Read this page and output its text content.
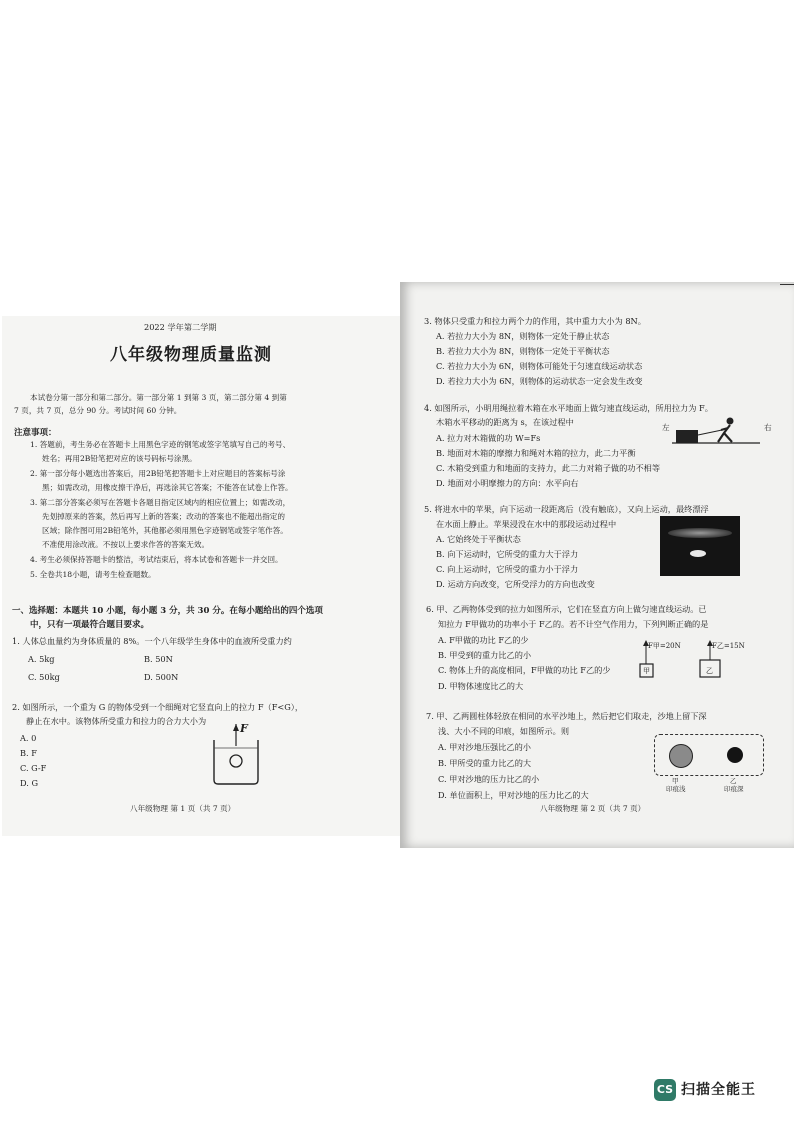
2022 学年第二学期
八年级物理质量监测
本试卷分第一部分和第二部分。第一部分第 1 到第 3 页，第二部分第 4 到第
7 页，共 7 页，总分 90 分。考试时间 60 分钟。
注意事项：
1. 答题前，考生务必在答题卡上用黑色字迹的钢笔或签字笔填写自己的考号、
姓名；再用2B铅笔把对应的该号码标号涂黑。
2. 第一部分每小题选出答案后，用2B铅笔把答题卡上对应题目的答案标号涂
黑；如需改动，用橡皮擦干净后，再选涂其它答案；不能答在试卷上作答。
3. 第二部分答案必须写在答题卡各题目指定区域内的相应位置上；如需改动，
先划掉原来的答案，然后再写上新的答案；改动的答案也不能超出指定的
区域；除作图可用2B铅笔外，其他都必须用黑色字迹钢笔或签字笔作答。
不准使用涂改液。不按以上要求作答的答案无效。
4. 考生必须保持答题卡的整洁，考试结束后，将本试卷和答题卡一并交回。
5. 全卷共18小题，请考生检查题数。
一、选择题：本题共 10 小题，每小题 3 分，共 30 分。在每小题给出的四个选项
中，只有一项最符合题目要求。
1. 人体总血量约为身体质量的 8%。一个八年级学生身体中的血液所受重力约
A. 5kg	B. 50N
C. 50kg	D. 500N
2. 如图所示，一个重为 G 的物体受到一个细绳对它竖直向上的拉力 F（F<G），
静止在水中。该物体所受重力和拉力的合力大小为
A. 0
B. F
C. G-F
D. G
F
八年级物理 第 1 页（共 7 页）
3. 物体只受重力和拉力两个力的作用，其中重力大小为 8N。
A. 若拉力大小为 8N，则物体一定处于静止状态
B. 若拉力大小为 8N，则物体一定处于平衡状态
C. 若拉力大小为 6N，则物体可能处于匀速直线运动状态
D. 若拉力大小为 6N，则物体的运动状态一定会发生改变
4. 如图所示，小明用绳拉着木箱在水平地面上做匀速直线运动，所用拉力为 F。
木箱水平移动的距离为 s，在该过程中
A. 拉力对木箱做的功 W=Fs
B. 地面对木箱的摩擦力和绳对木箱的拉力，此二力平衡
C. 木箱受到重力和地面的支持力，此二力对箱子做的功不相等
D. 地面对小明摩擦力的方向：水平向右
左	右
5. 将进水中的苹果，向下运动一段距离后（没有触底），又向上运动，最终漂浮
在水面上静止。苹果浸没在水中的那段运动过程中
A. 它始终处于平衡状态
B. 向下运动时，它所受的重力大于浮力
C. 向上运动时，它所受的重力小于浮力
D. 运动方向改变，它所受浮力的方向也改变
6. 甲、乙两物体受到的拉力如图所示，它们在竖直方向上做匀速直线运动。已
知拉力 F甲做功的功率小于 F乙的。若不计空气作用力，下列判断正确的是
A. F甲做的功比 F乙的少
B. 甲受到的重力比乙的小
C. 物体上升的高度相同，F甲做的功比 F乙的少
D. 甲物体速度比乙的大
F甲=20N	F乙=15N
甲	乙
7. 甲、乙两圆柱体轻放在相同的水平沙地上，然后把它们取走，沙地上留下深
浅、大小不同的印痕，如图所示。则
A. 甲对沙地压强比乙的小
B. 甲所受的重力比乙的大
C. 甲对沙地的压力比乙的小
D. 单位面积上，甲对沙地的压力比乙的大
甲
印痕浅
乙
印痕深
八年级物理 第 2 页（共 7 页）
CS 扫描全能王
